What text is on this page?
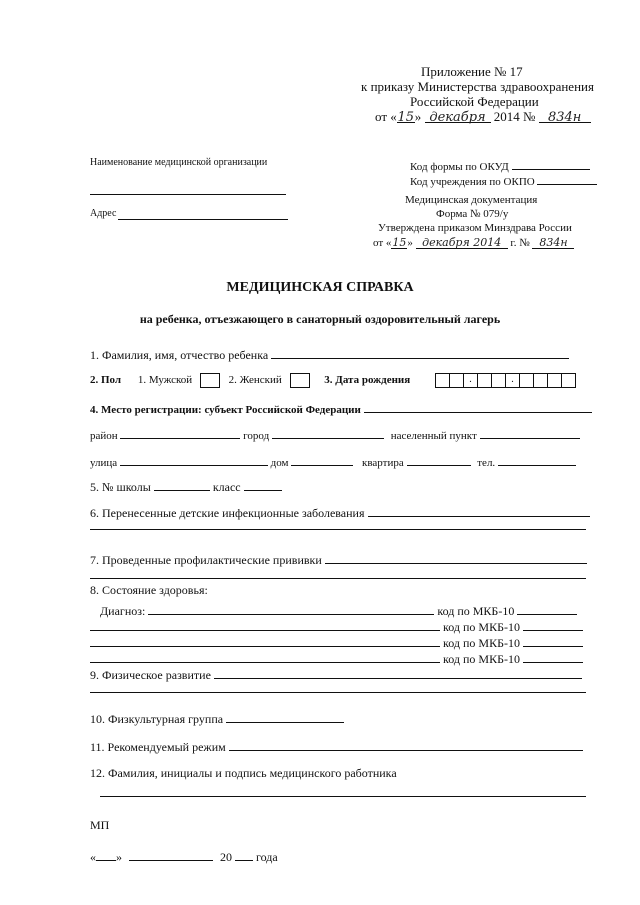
Приложение № 17
к приказу Министерства здравоохранения
Российской Федерации
от «15» декабря 2014 № 834н
Наименование медицинской организации
Адрес
Код формы по ОКУД
Код учреждения по ОКПО
Медицинская документация
Форма № 079/у
Утверждена приказом Минздрава России
от «15» декабря 2014 г. № 834н
МЕДИЦИНСКАЯ СПРАВКА
на ребенка, отъезжающего в санаторный оздоровительный лагерь
1. Фамилия, имя, отчество ребенка
2. Пол 1. Мужской	2. Женский	3. Дата рождения	.	.
4. Место регистрации: субъект Российской Федерации
район	город	населенный пункт
улица	дом	квартира	тел.
5. № школы	класс
6. Перенесенные детские инфекционные заболевания
7. Проведенные профилактические прививки
8. Состояние здоровья:
Диагноз:	код по МКБ-10
код по МКБ-10
код по МКБ-10
код по МКБ-10
9. Физическое развитие
10. Физкультурная группа
11. Рекомендуемый режим
12. Фамилия, инициалы и подпись медицинского работника
МП
« »	20 года
